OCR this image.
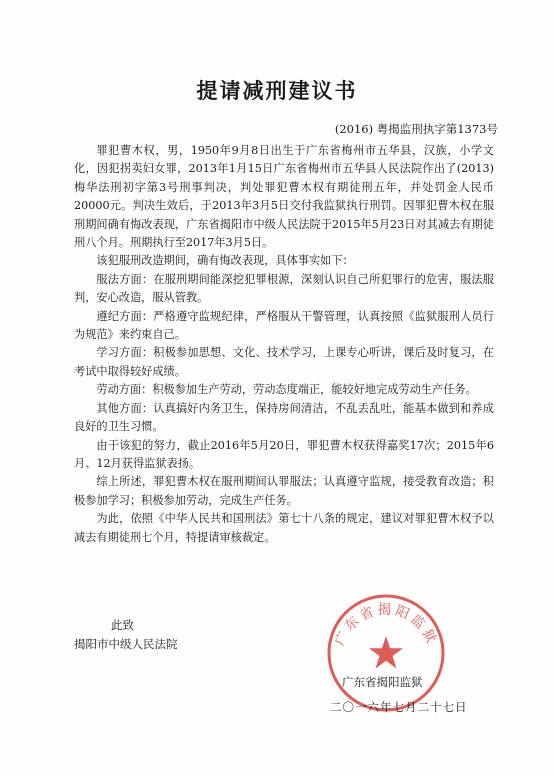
提请减刑建议书
(2016) 粤揭监刑执字第1373号

罪犯曹木权，男，1950年9月8日出生于广东省梅州市五华县，汉族，小学文化，因犯拐卖妇女罪，2013年1月15日广东省梅州市五华县人民法院作出了(2013)梅华法刑初字第3号刑事判决，判处罪犯曹木权有期徒刑五年，并处罚金人民币20000元。判决生效后，于2013年3月5日交付我监狱执行刑罚。因罪犯曹木权在服刑期间确有悔改表现，广东省揭阳市中级人民法院于2015年5月23日对其减去有期徒刑八个月。刑期执行至2017年3月5日。

该犯服刑改造期间，确有悔改表现，具体事实如下：

服法方面：在服刑期间能深挖犯罪根源，深刻认识自己所犯罪行的危害，服法服判，安心改造，服从管教。

遵纪方面：严格遵守监规纪律，严格服从干警管理，认真按照《监狱服刑人员行为规范》来约束自己。

学习方面：积极参加思想、文化、技术学习，上课专心听讲，课后及时复习，在考试中取得较好成绩。

劳动方面：积极参加生产劳动，劳动态度端正，能较好地完成劳动生产任务。

其他方面：认真搞好内务卫生，保持房间清洁，不乱丢乱吐，能基本做到和养成良好的卫生习惯。

由于该犯的努力，截止2016年5月20日，罪犯曹木权获得嘉奖17次；2015年6月、12月获得监狱表扬。

综上所述，罪犯曹木权在服刑期间认罪服法；认真遵守监规，接受教育改造；积极参加学习；积极参加劳动，完成生产任务。

为此，依照《中华人民共和国刑法》第七十八条的规定，建议对罪犯曹木权予以减去有期徒刑七个月，特提请审核裁定。

此致
揭阳市中级人民法院	广东省揭阳监狱
广东省揭阳监狱
二〇一六年七月二十七日
